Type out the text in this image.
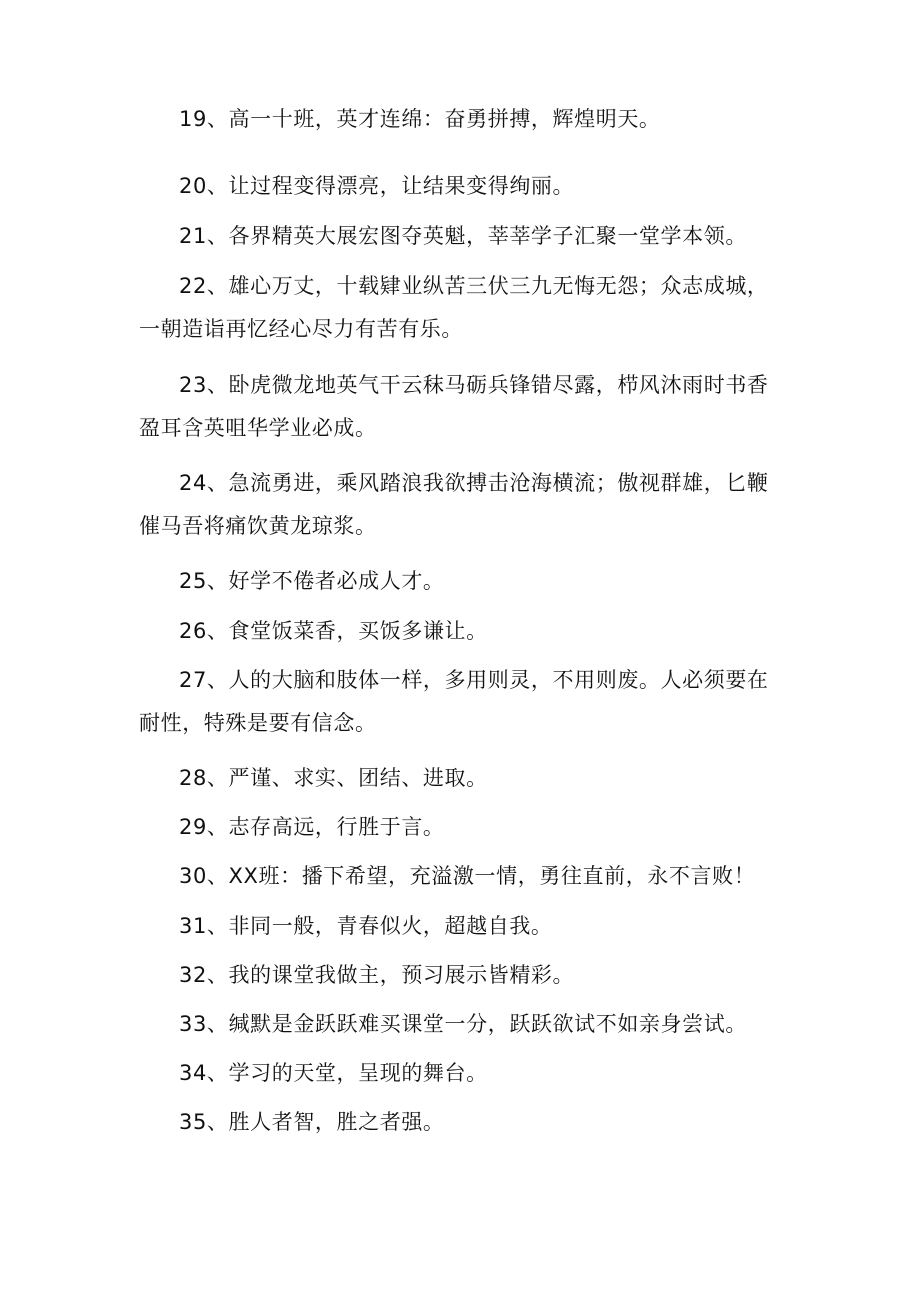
19、高一十班，英才连绵：奋勇拼搏，辉煌明天。

20、让过程变得漂亮，让结果变得绚丽。

21、各界精英大展宏图夺英魁，莘莘学子汇聚一堂学本领。

22、雄心万丈，十载肄业纵苦三伏三九无悔无怨；众志成城，一朝造诣再忆经心尽力有苦有乐。

23、卧虎微龙地英气干云秣马砺兵锋错尽露，栉风沐雨时书香盈耳含英咀华学业必成。

24、急流勇进，乘风踏浪我欲搏击沧海横流；傲视群雄，匕鞭催马吾将痛饮黄龙琼浆。

25、好学不倦者必成人才。

26、食堂饭菜香，买饭多谦让。

27、人的大脑和肢体一样，多用则灵，不用则废。人必须要在耐性，特殊是要有信念。

28、严谨、求实、团结、进取。

29、志存高远，行胜于言。

30、XX班：播下希望，充溢激一情，勇往直前，永不言败！

31、非同一般，青春似火，超越自我。

32、我的课堂我做主，预习展示皆精彩。

33、缄默是金跃跃难买课堂一分，跃跃欲试不如亲身尝试。

34、学习的天堂，呈现的舞台。

35、胜人者智，胜之者强。
